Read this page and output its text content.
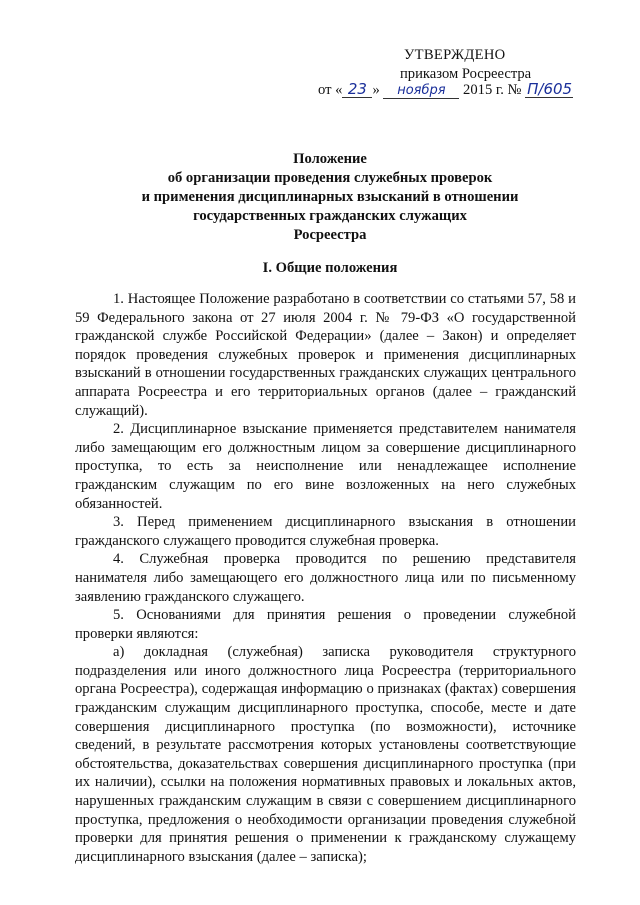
УТВЕРЖДЕНО
приказом Росреестра
от « 23 » ноября 2015 г. № П/605
Положение
об организации проведения служебных проверок
и применения дисциплинарных взысканий в отношении
государственных гражданских служащих
Росреестра
I. Общие положения

1. Настоящее Положение разработано в соответствии со статьями 57, 58 и 59 Федерального закона от 27 июля 2004 г. № 79-ФЗ «О государственной гражданской службе Российской Федерации» (далее – Закон) и определяет порядок проведения служебных проверок и применения дисциплинарных взысканий в отношении государственных гражданских служащих центрального аппарата Росреестра и его территориальных органов (далее – гражданский служащий).

2. Дисциплинарное взыскание применяется представителем нанимателя либо замещающим его должностным лицом за совершение дисциплинарного проступка, то есть за неисполнение или ненадлежащее исполнение гражданским служащим по его вине возложенных на него служебных обязанностей.

3. Перед применением дисциплинарного взыскания в отношении гражданского служащего проводится служебная проверка.

4. Служебная проверка проводится по решению представителя нанимателя либо замещающего его должностного лица или по письменному заявлению гражданского служащего.

5. Основаниями для принятия решения о проведении служебной проверки являются:

а) докладная (служебная) записка руководителя структурного подразделения или иного должностного лица Росреестра (территориального органа Росреестра), содержащая информацию о признаках (фактах) совершения гражданским служащим дисциплинарного проступка, способе, месте и дате совершения дисциплинарного проступка (по возможности), источнике сведений, в результате рассмотрения которых установлены соответствующие обстоятельства, доказательствах совершения дисциплинарного проступка (при их наличии), ссылки на положения нормативных правовых и локальных актов, нарушенных гражданским служащим в связи с совершением дисциплинарного проступка, предложения о необходимости организации проведения служебной проверки для принятия решения о применении к гражданскому служащему дисциплинарного взыскания (далее – записка);
